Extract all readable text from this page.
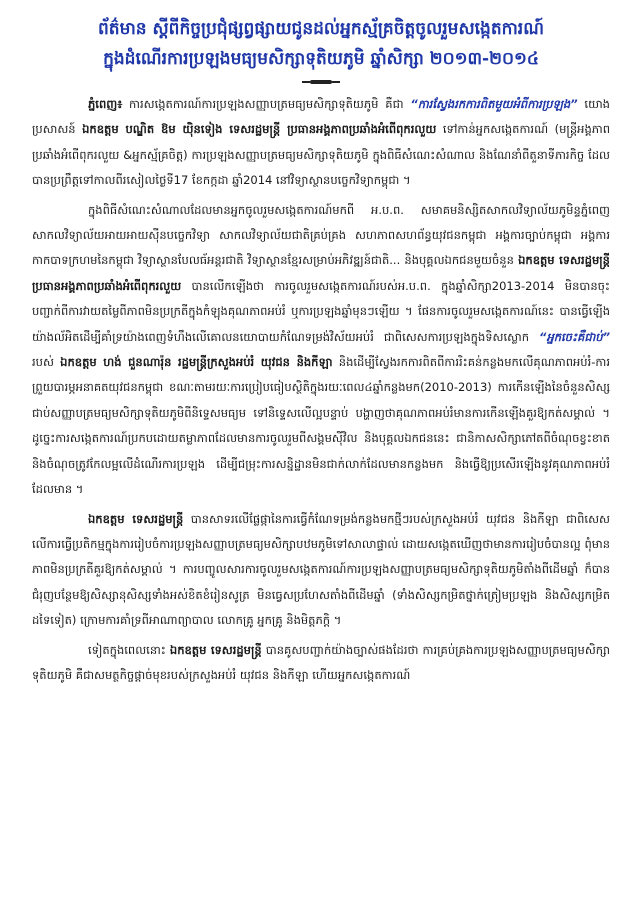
ព័ត៌មាន ស្ដីពីកិច្ចប្រជុំផ្សព្វផ្សាយជូនដល់អ្នកស្ម័គ្រចិត្តចូលរួមសង្កេតការណ៍
ក្នុងដំណើរការប្រឡងមធ្យមសិក្សាទុតិយភូមិ ឆ្នាំសិក្សា ២០១៣-២០១៤

ភ្នំពេញ៖ ការសង្កេតការណ៍ការប្រឡងសញ្ញាបត្រមធ្យមសិក្សាទុតិយភូមិ គឺជា “ការស្វែងរកការពិតមួយអំពីការប្រឡង” យោងប្រសាសន៍ ឯកឧត្តម បណ្ឌិត ឱម យ៉ិនទៀង ទេសរដ្ឋមន្ត្រី ប្រធានអង្គភាពប្រឆាំងអំពើពុករលួយ ទៅកាន់អ្នកសង្កេតការណ៍ (មន្ត្រីអង្គភាពប្រឆាំងអំពើពុករលួយ &អ្នកស្ម័គ្រចិត្ត) ការប្រឡងសញ្ញាបត្រមធ្យមសិក្សាទុតិយភូមិ ក្នុងពិធីសំណេះសំណាល និងណែនាំពីតួនាទីភារកិច្ច ដែលបានប្រព្រឹត្តទៅកាលពីរសៀលថ្ងៃទី17 ខែកក្កដា ឆ្នាំ2014 នៅវិទ្យាស្ថានបច្ចេកវិទ្យាកម្ពុជា ។

ក្នុងពិធីសំណេះសំណាលដែលមានអ្នកចូលរួមសង្កេតការណ៍មកពី អ.ប.ព. សមាគមនិស្សិតសាកលវិទ្យាល័យភូមិន្ទភ្នំពេញ សាកលវិទ្យាល័យអាយអាយស៊ីនបច្ចេកវិទ្យា សាកលវិទ្យាល័យជាតិគ្រប់គ្រង សហភាពសហព័ន្ធយុវជនកម្ពុជា អង្គការច្បាប់កម្ពុជា អង្គការកាកបាទក្រហមនៃកម្ពុជា វិទ្យាស្ថានបែលធ័អន្តរជាតិ វិទ្យាស្ថានខ្មែរសម្រាប់អភិវឌ្ឍន៍ជាតិ... និងបុគ្គលឯកជនមួយចំនួន ឯកឧត្តម ទេសរដ្ឋមន្ត្រី ប្រធានអង្គភាពប្រឆាំងអំពើពុករលួយ បានលើកឡើងថា ការចូលរួមសង្កេតការណ៍របស់អ.ប.ព. ក្នុងឆ្នាំសិក្សា2013-2014 មិនបានចុះបញ្ជាក់ពីការវាយតម្លៃពីភាពមិនប្រក្រតីក្នុងកំឡុងគុណភាពអប់រំ ឬការប្រឡងឆ្នាំមុនៗឡើយ ។ ផែនការចូលរួមសង្កេតការណ៍នេះ បានធ្វើឡើងយ៉ាងល័អិតដើម្បីគាំទ្រយ៉ាងពេញទំហឹងលើគោលនយោបាយកំណែទម្រង់វិស័យអប់រំ ជាពិសេសការប្រឡងក្នុងទិសស្លោក “អ្នកចេះគឺជាប់” របស់ ឯកឧត្តម ហង់ ជួនណារ៉ុន រដ្ឋមន្ត្រីក្រសួងអប់រំ យុវជន និងកីឡា និងដើម្បីស្វែងរកការពិតពីការរិះគន់កន្លងមកលើគុណភាពអប់រំ-ការព្រួយបារម្ភអនាគតយុវជនកម្ពុជា ខណៈតាមរយៈការប្រៀបធៀបស្ថិតិក្នុងរយៈពេល៤ឆ្នាំកន្លងមក(2010-2013) ការកើនឡើងនៃចំនួនសិស្សជាប់សញ្ញាបត្រមធ្យមសិក្សាទុតិយភូមិពីនិទ្ទេសមធ្យម ទៅនិទ្ទេសលើល្អបន្ទាប់ បង្ហាញថាគុណភាពអប់រំមានការកើនឡើងគួរឱ្យកត់សម្គាល់ ។ ដូច្នេះការសង្កេតការណ៍ប្រកបដោយតម្លាភាពដែលមានការចូលរួមពីសង្គមស៊ីវិល និងបុគ្គលឯកជននេះ ជានិកាសសិក្សាភៅតពីចំណុចខ្វះខាត និងចំណុចត្រូវកែលម្អលើដំណើរការប្រឡង ដើម្បីជម្រុះការសន្និដ្ឋានមិនជាក់លាក់ដែលមានកន្លងមក និងធ្វើឱ្យប្រសើរឡើងនូវគុណភាពអប់រំដែលមាន ។

ឯកឧត្តម ទេសរដ្ឋមន្ត្រី បានសាទរលើផ្លែផ្កានៃការធ្វើកំណែទម្រង់កន្លងមកថ្មីៗរបស់ក្រសួងអប់រំ យុវជន និងកីឡា ជាពិសេសលើការធ្វើប្រតិកម្មក្នុងការរៀបចំការប្រឡងសញ្ញាបត្រមធ្យមសិក្សាបឋមភូមិទៅសាលាផ្ទាល់ ដោយសង្កេតឃើញថាមានការរៀបចំបានល្អ ពុំមានភាពមិនប្រក្រតីគួរឱ្យកត់សម្គាល់ ។ ការបញ្ចូលសារការចូលរួមសង្កេតការណ៍ការប្រឡងសញ្ញាបត្រមធ្យមសិក្សាទុតិយភូមិតាំងពីដើមឆ្នាំ ក៏បានជំរុញបន្ថែមឱ្យសិស្សានុសិស្សទាំងអស់ខិតខំរៀនសូត្រ មិនធ្វេសប្រហែសតាំងពីដើមឆ្នាំ (ទាំងសិស្សកម្រិតថ្នាក់ត្រៀមប្រឡង និងសិស្សកម្រិតដទៃទៀត) ក្រោមការគាំទ្រពីអាណាព្យាបាល លោកគ្រូ អ្នកគ្រូ និងមិត្តភក្តិ ។

ទៀតក្នុងពេលនោះ ឯកឧត្តម ទេសរដ្ឋមន្ត្រី បានគូសបញ្ជាក់យ៉ាងច្បាស់ផងដែរថា ការគ្រប់គ្រងការប្រឡងសញ្ញាបត្រមធ្យមសិក្សាទុតិយភូមិ គឺជាសមត្ថកិច្ចផ្ដាច់មុខរបស់ក្រសួងអប់រំ យុវជន និងកីឡា ហើយអ្នកសង្កេតការណ៍
